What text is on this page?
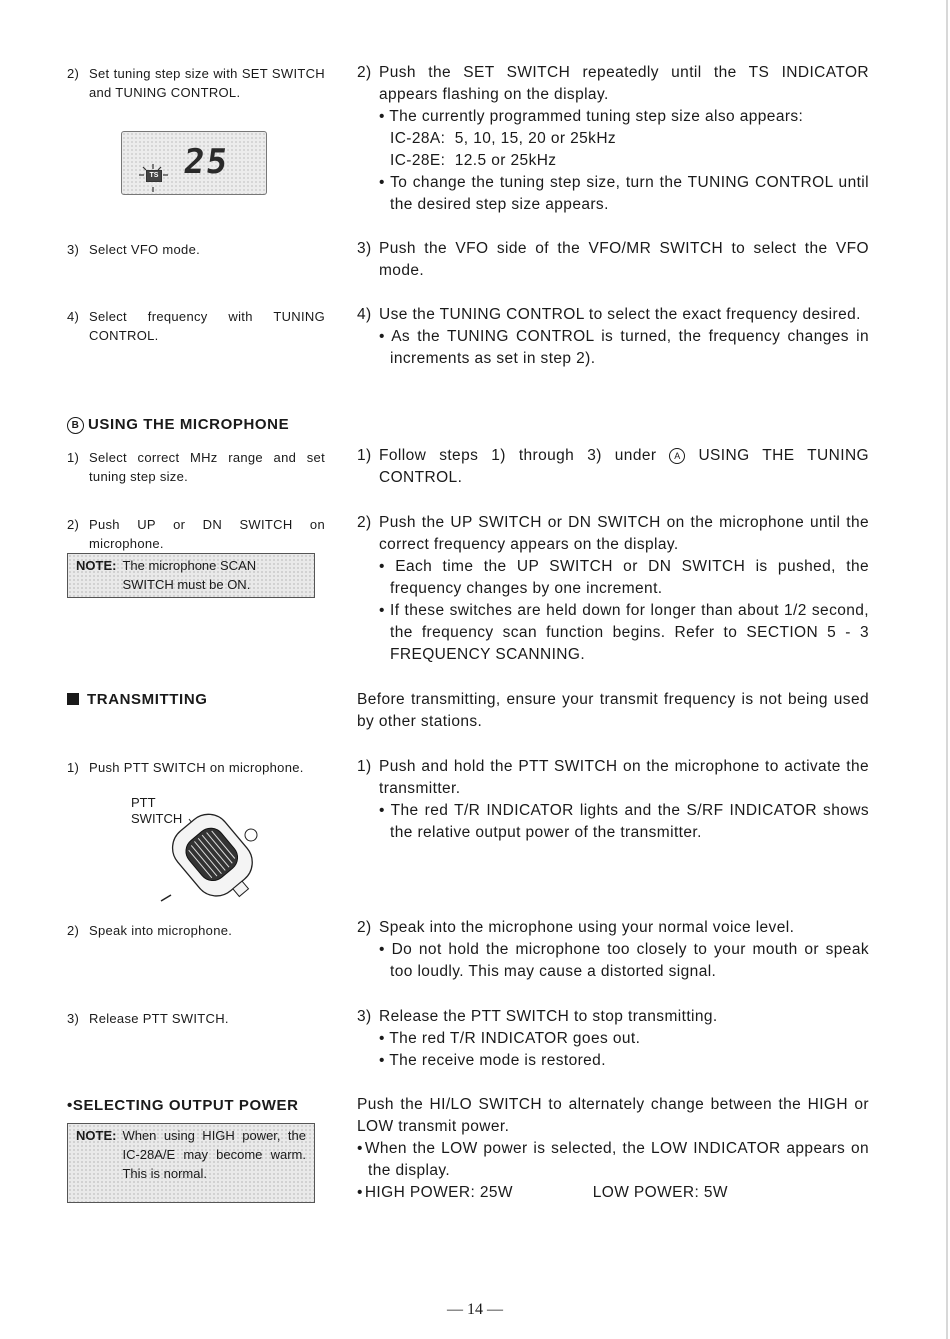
2) Set tuning step size with SET SWITCH and TUNING CONTROL.
25
TS
3) Select VFO mode.
4) Select frequency with TUNING CONTROL.
2) Push the SET SWITCH repeatedly until the TS INDICATOR appears flashing on the display.
• The currently programmed tuning step size also appears:
IC-28A:  5, 10, 15, 20 or 25kHz
IC-28E:  12.5 or 25kHz
• To change the tuning step size, turn the TUNING CONTROL until the desired step size appears.
3) Push the VFO side of the VFO/MR SWITCH to select the VFO mode.
4) Use the TUNING CONTROL to select the exact frequency desired.
• As the TUNING CONTROL is turned, the frequency changes in increments as set in step 2).
B USING THE MICROPHONE
1) Select correct MHz range and set tuning step size.
2) Push UP or DN SWITCH on microphone.
NOTE: The microphone SCAN SWITCH must be ON.
1) Follow steps 1) through 3) under A USING THE TUNING CONTROL.
2) Push the UP SWITCH or DN SWITCH on the microphone until the correct frequency appears on the display.
• Each time the UP SWITCH or DN SWITCH is pushed, the frequency changes by one increment.
• If these switches are held down for longer than about 1/2 second, the frequency scan function begins. Refer to SECTION 5 - 3 FREQUENCY SCANNING.
TRANSMITTING	Before transmitting, ensure your transmit frequency is not being used by other stations.
1) Push PTT SWITCH on microphone.
PTT
SWITCH
1) Push and hold the PTT SWITCH on the microphone to activate the transmitter.
• The red T/R INDICATOR lights and the S/RF INDICATOR shows the relative output power of the transmitter.
2) Speak into microphone.	2) Speak into the microphone using your normal voice level.
• Do not hold the microphone too closely to your mouth or speak too loudly. This may cause a distorted signal.
3) Release PTT SWITCH.	3) Release the PTT SWITCH to stop transmitting.
• The red T/R INDICATOR goes out.
• The receive mode is restored.
•SELECTING OUTPUT POWER
NOTE: When using HIGH power, the IC-28A/E may become warm. This is normal.
Push the HI/LO SWITCH to alternately change between the HIGH or LOW transmit power.
• When the LOW power is selected, the LOW INDICATOR appears on the display.
• HIGH POWER: 25W	LOW POWER: 5W
— 14 —
